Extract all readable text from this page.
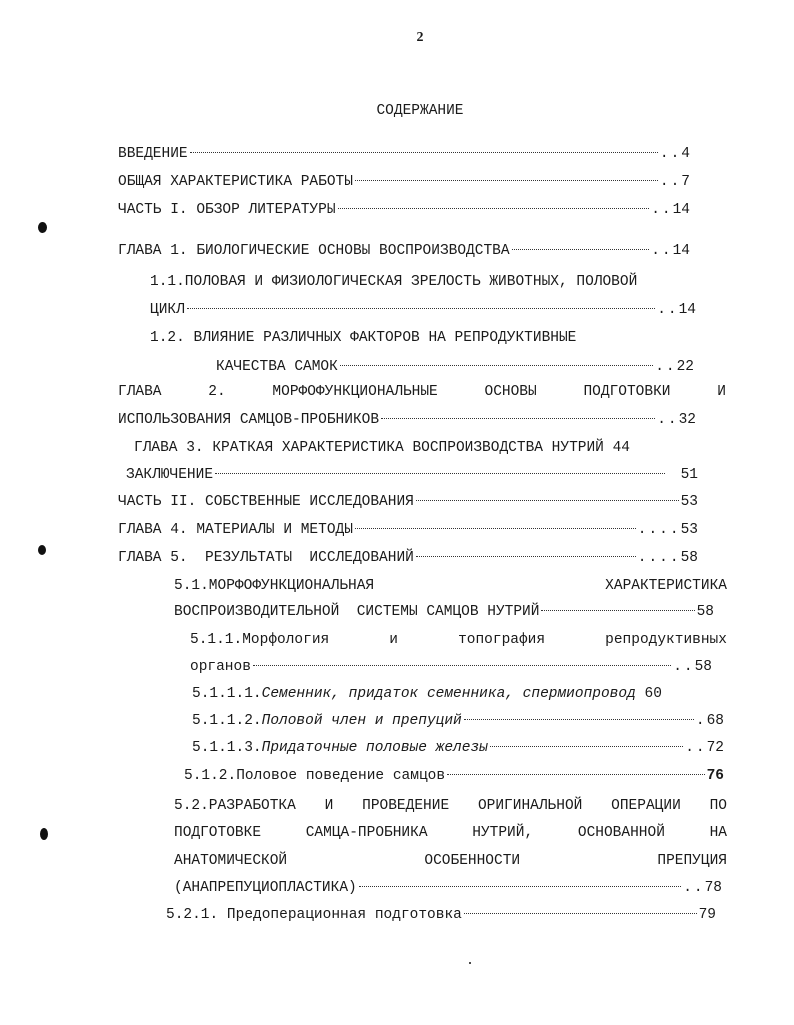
2
СОДЕРЖАНИЕ
ВВЕДЕНИЕ	.. 4
ОБЩАЯ ХАРАКТЕРИСТИКА РАБОТЫ	.. 7
ЧАСТЬ I. ОБЗОР ЛИТЕРАТУРЫ	.. 14
ГЛАВА 1. БИОЛОГИЧЕСКИЕ ОСНОВЫ ВОСПРОИЗВОДСТВА	.. 14
1.1.ПОЛОВАЯ И ФИЗИОЛОГИЧЕСКАЯ ЗРЕЛОСТЬ ЖИВОТНЫХ, ПОЛОВОЙ
ЦИКЛ	.. 14
1.2. ВЛИЯНИЕ РАЗЛИЧНЫХ ФАКТОРОВ НА РЕПРОДУКТИВНЫЕ
КАЧЕСТВА САМОК	.. 22
ГЛАВА	2.	МОРФОФУНКЦИОНАЛЬНЫЕ	ОСНОВЫ	ПОДГОТОВКИ	И
ИСПОЛЬЗОВАНИЯ САМЦОВ-ПРОБНИКОВ	.. 32
ГЛАВА 3. КРАТКАЯ ХАРАКТЕРИСТИКА ВОСПРОИЗВОДСТВА НУТРИЙ 44
ЗАКЛЮЧЕНИЕ	51
ЧАСТЬ II. СОБСТВЕННЫЕ ИССЛЕДОВАНИЯ	53
ГЛАВА 4. МАТЕРИАЛЫ И МЕТОДЫ	.... 53
ГЛАВА 5.  РЕЗУЛЬТАТЫ  ИССЛЕДОВАНИЙ	.... 58
5.1.МОРФОФУНКЦИОНАЛЬНАЯ	ХАРАКТЕРИСТИКА
ВОСПРОИЗВОДИТЕЛЬНОЙ  СИСТЕМЫ САМЦОВ НУТРИЙ	58
5.1.1.Морфология	и	топография	репродуктивных
органов	.. 58
5.1.1.1.Семенник, придаток семенника, спермиопровод 60
5.1.1.2. Половой член и препуций	. 68
5.1.1.3. Придаточные половые железы	.. 72
5.1.2.Половое поведение самцов	76
5.2.РАЗРАБОТКА И ПРОВЕДЕНИЕ ОРИГИНАЛЬНОЙ ОПЕРАЦИИ ПО
ПОДГОТОВКЕ	САМЦА-ПРОБНИКА	НУТРИЙ,	ОСНОВАННОЙ	НА
АНАТОМИЧЕСКОЙ	ОСОБЕННОСТИ	ПРЕПУЦИЯ
(АНАПРЕПУЦИОПЛАСТИКА)	.. 78
5.2.1. Предоперационная подготовка	79
